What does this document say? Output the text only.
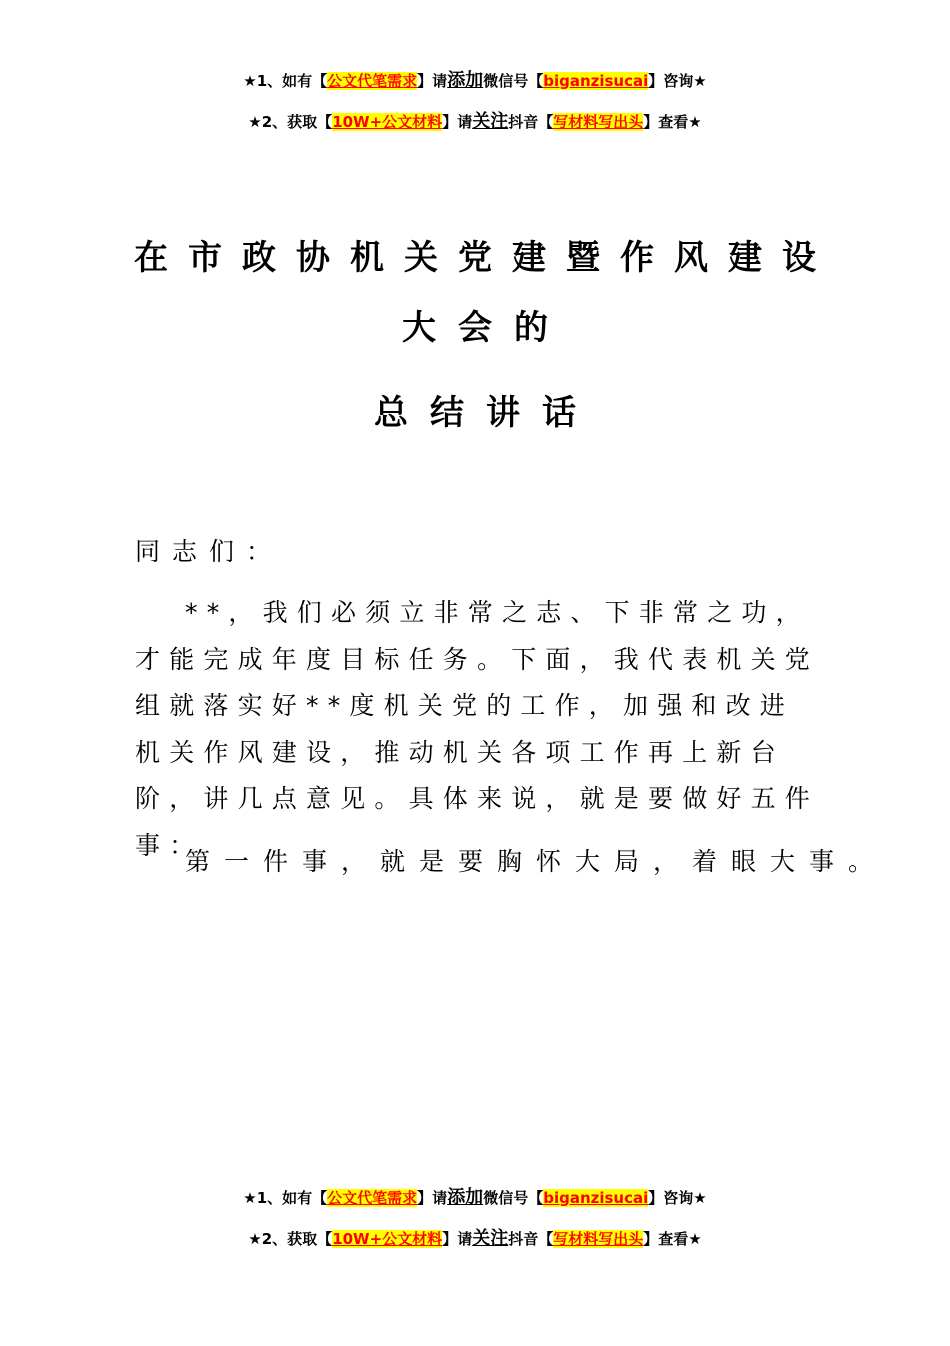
★1、如有【公文代笔需求】请添加微信号【biganzisucai】咨询★
★2、获取【10W+公文材料】请关注抖音【写材料写出头】查看★
在市政协机关党建暨作风建设
大会的
总结讲话
同志们：
**，我们必须立非常之志、下非常之功，才能完成年度目标任务。下面，我代表机关党组就落实好**度机关党的工作，加强和改进机关作风建设，推动机关各项工作再上新台阶，讲几点意见。具体来说，就是要做好五件事：
第一件事，就是要胸怀大局，着眼大事。
★1、如有【公文代笔需求】请添加微信号【biganzisucai】咨询★
★2、获取【10W+公文材料】请关注抖音【写材料写出头】查看★
